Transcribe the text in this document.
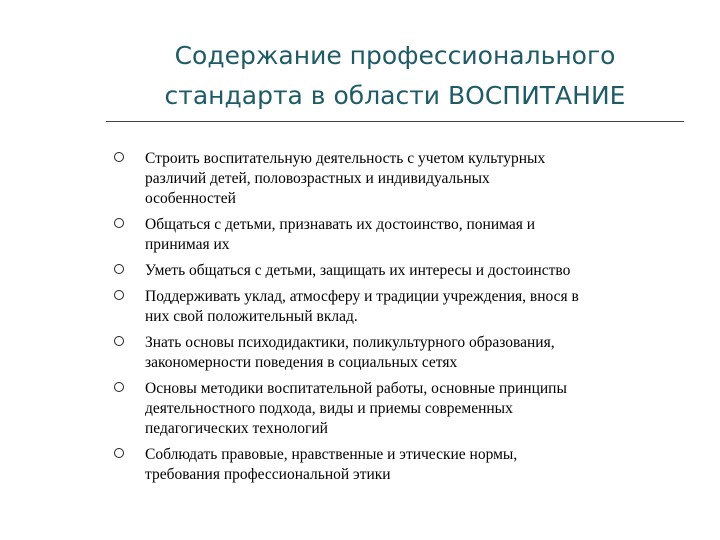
Содержание профессионального
стандарта в области ВОСПИТАНИЕ
Строить воспитательную деятельность с учетом культурных
различий детей, половозрастных и индивидуальных
особенностей
Общаться с детьми, признавать их достоинство, понимая и
принимая их
Уметь общаться с детьми, защищать их интересы и достоинство
Поддерживать уклад, атмосферу и традиции учреждения, внося в
них свой положительный вклад.
Знать основы психодидактики, поликультурного образования,
закономерности поведения в социальных сетях
Основы методики воспитательной работы, основные принципы
деятельностного подхода, виды и приемы современных
педагогических технологий
Соблюдать правовые, нравственные и этические нормы,
требования профессиональной этики
